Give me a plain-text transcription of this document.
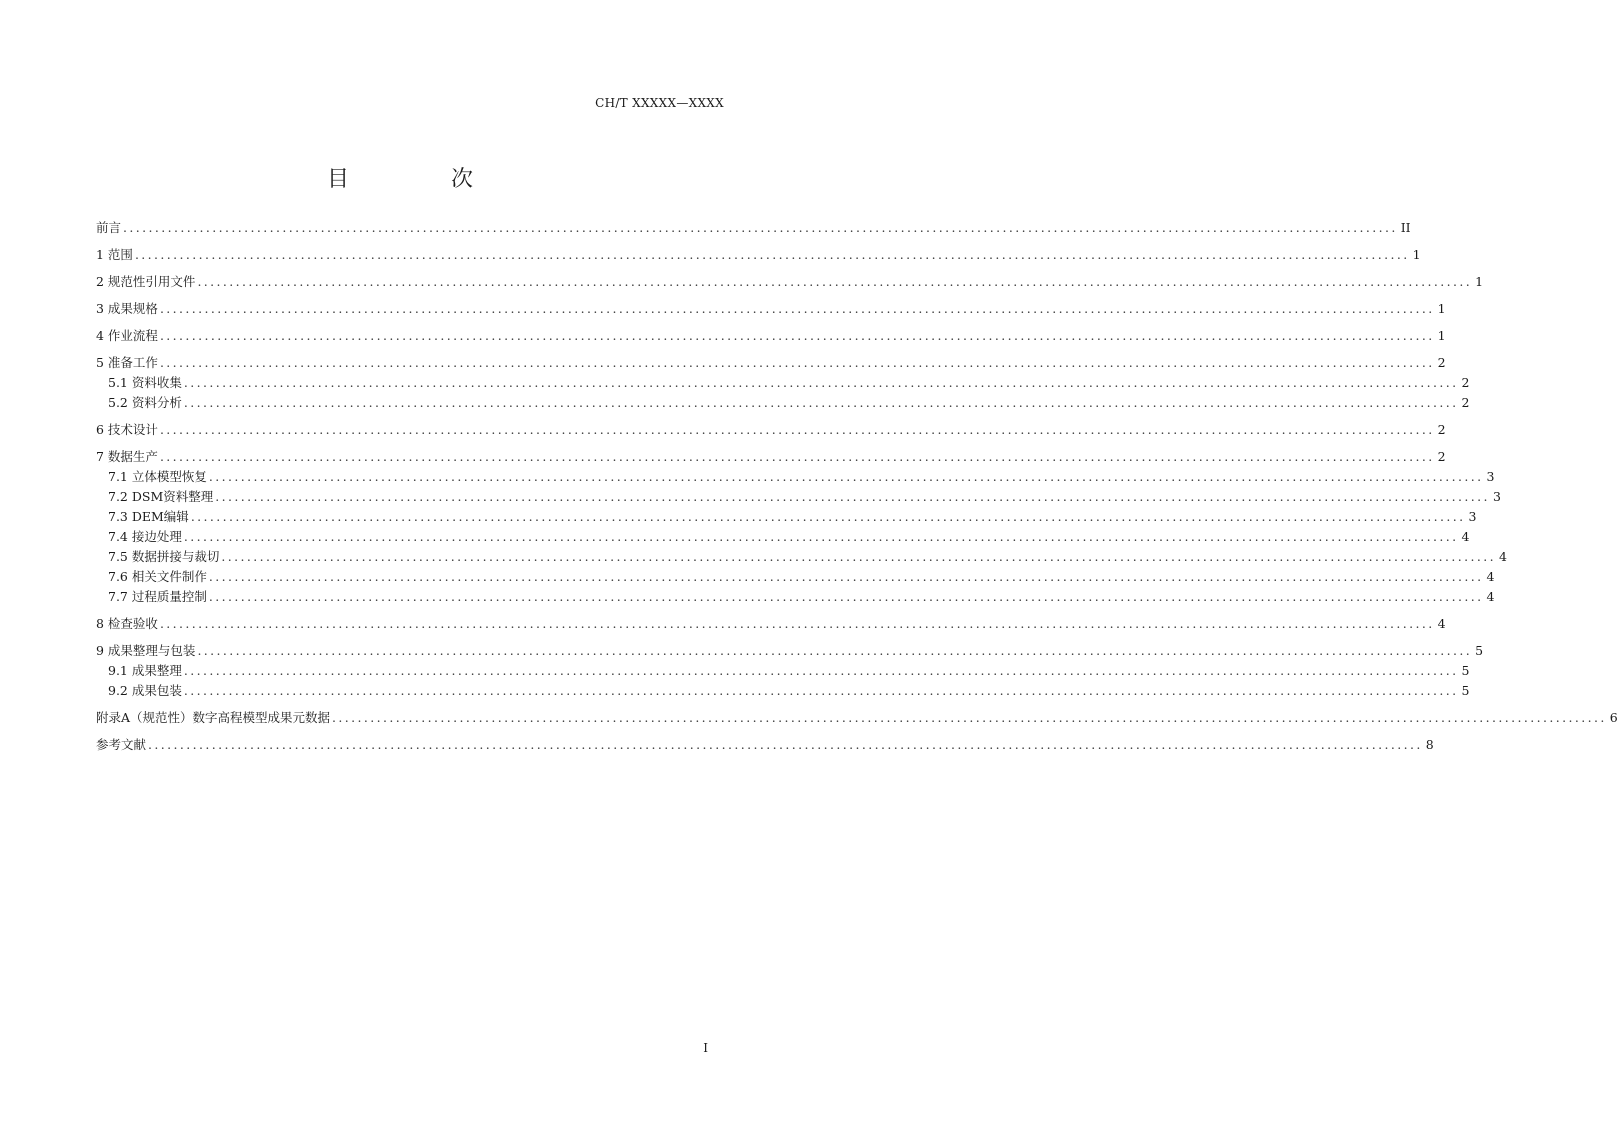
CH/T XXXXX—XXXX
目　次
前言 ........................................................................................................................................................................................................ II
1 范围 ........................................................................................................................................................................................................ 1
2 规范性引用文件 ........................................................................................................................................................................................................ 1
3 成果规格 ........................................................................................................................................................................................................ 1
4 作业流程 ........................................................................................................................................................................................................ 1
5 准备工作 ........................................................................................................................................................................................................ 2
5.1 资料收集 ........................................................................................................................................................................................................ 2
5.2 资料分析 ........................................................................................................................................................................................................ 2
6 技术设计 ........................................................................................................................................................................................................ 2
7 数据生产 ........................................................................................................................................................................................................ 2
7.1 立体模型恢复 ........................................................................................................................................................................................................ 3
7.2 DSM资料整理 ........................................................................................................................................................................................................ 3
7.3 DEM编辑 ........................................................................................................................................................................................................ 3
7.4 接边处理 ........................................................................................................................................................................................................ 4
7.5 数据拼接与裁切 ........................................................................................................................................................................................................ 4
7.6 相关文件制作 ........................................................................................................................................................................................................ 4
7.7 过程质量控制 ........................................................................................................................................................................................................ 4
8 检查验收 ........................................................................................................................................................................................................ 4
9 成果整理与包装 ........................................................................................................................................................................................................ 5
9.1 成果整理 ........................................................................................................................................................................................................ 5
9.2 成果包装 ........................................................................................................................................................................................................ 5
附录A（规范性）数字高程模型成果元数据 ........................................................................................................................................................................................................ 6
参考文献 ........................................................................................................................................................................................................ 8
I
